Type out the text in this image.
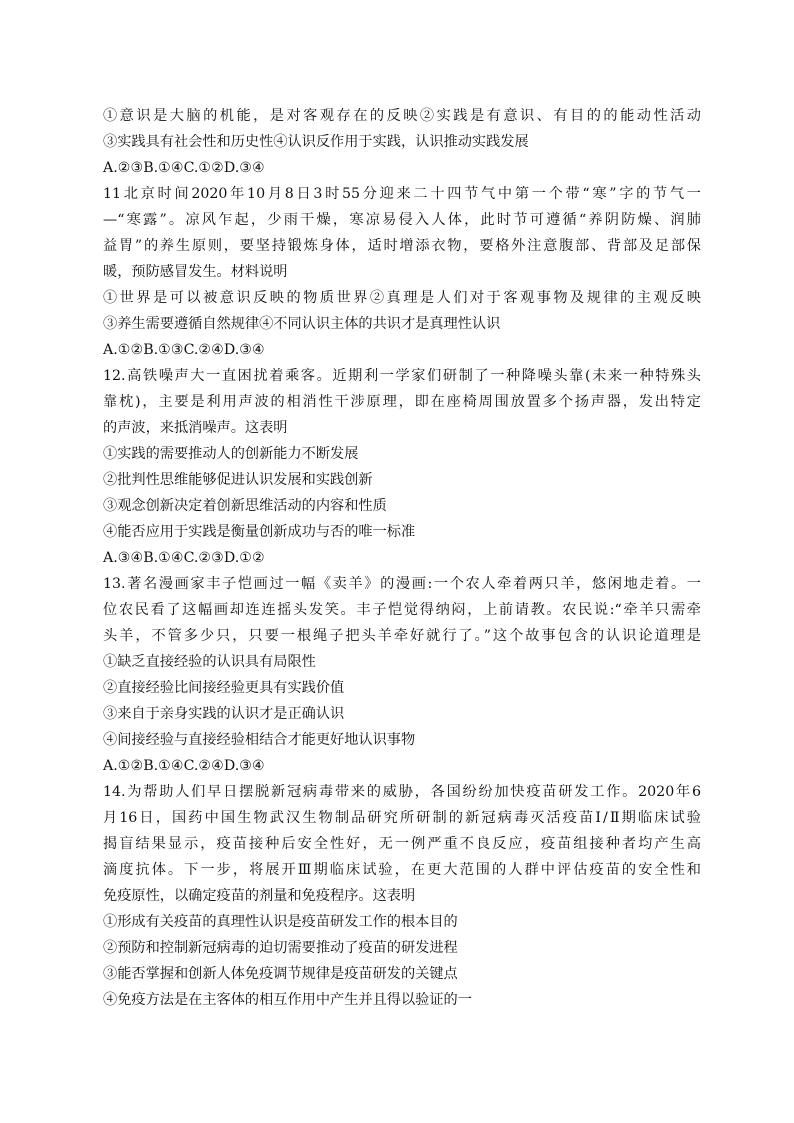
①意识是大脑的机能，是对客观存在的反映②实践是有意识、有目的的能动性活动
③实践具有社会性和历史性④认识反作用于实践，认识推动实践发展
A.②③B.①④C.①②D.③④
11北京时间2020年10月8日3时55分迎来二十四节气中第一个带“寒”字的节气一
—“寒露”。凉风乍起，少雨干燥，寒凉易侵入人体，此时节可遵循“养阴防燥、润肺
益胃”的养生原则，要坚持锻炼身体，适时增添衣物，要格外注意腹部、背部及足部保
暖，预防感冒发生。材料说明
①世界是可以被意识反映的物质世界②真理是人们对于客观事物及规律的主观反映
③养生需要遵循自然规律④不同认识主体的共识才是真理性认识
A.①②B.①③C.②④D.③④
12.高铁噪声大一直困扰着乘客。近期利一学家们研制了一种降噪头靠(未来一种特殊头
靠枕)，主要是利用声波的相消性干涉原理，即在座椅周围放置多个扬声器，发出特定
的声波，来抵消噪声。这表明
①实践的需要推动人的创新能力不断发展
②批判性思维能够促进认识发展和实践创新
③观念创新决定着创新思维活动的内容和性质
④能否应用于实践是衡量创新成功与否的唯一标准
A.③④B.①④C.②③D.①②
13.著名漫画家丰子恺画过一幅《卖羊》的漫画:一个农人牵着两只羊，悠闲地走着。一
位农民看了这幅画却连连摇头发笑。丰子恺觉得纳闷，上前请教。农民说:“牵羊只需牵
头羊，不管多少只，只要一根绳子把头羊牵好就行了。”这个故事包含的认识论道理是
①缺乏直接经验的认识具有局限性
②直接经验比间接经验更具有实践价值
③来自于亲身实践的认识才是正确认识
④间接经验与直接经验相结合才能更好地认识事物
A.①②B.①④C.②④D.③④
14.为帮助人们早日摆脱新冠病毒带来的威胁，各国纷纷加快疫苗研发工作。2020年6
月16日，国药中国生物武汉生物制品研究所研制的新冠病毒灭活疫苗Ⅰ/Ⅱ期临床试验
揭盲结果显示，疫苗接种后安全性好，无一例严重不良反应，疫苗组接种者均产生高
滴度抗体。下一步，将展开Ⅲ期临床试验，在更大范围的人群中评估疫苗的安全性和
免疫原性，以确定疫苗的剂量和免疫程序。这表明
①形成有关疫苗的真理性认识是疫苗研发工作的根本目的
②预防和控制新冠病毒的迫切需要推动了疫苗的研发进程
③能否掌握和创新人体免疫调节规律是疫苗研发的关键点
④免疫方法是在主客体的相互作用中产生并且得以验证的一
